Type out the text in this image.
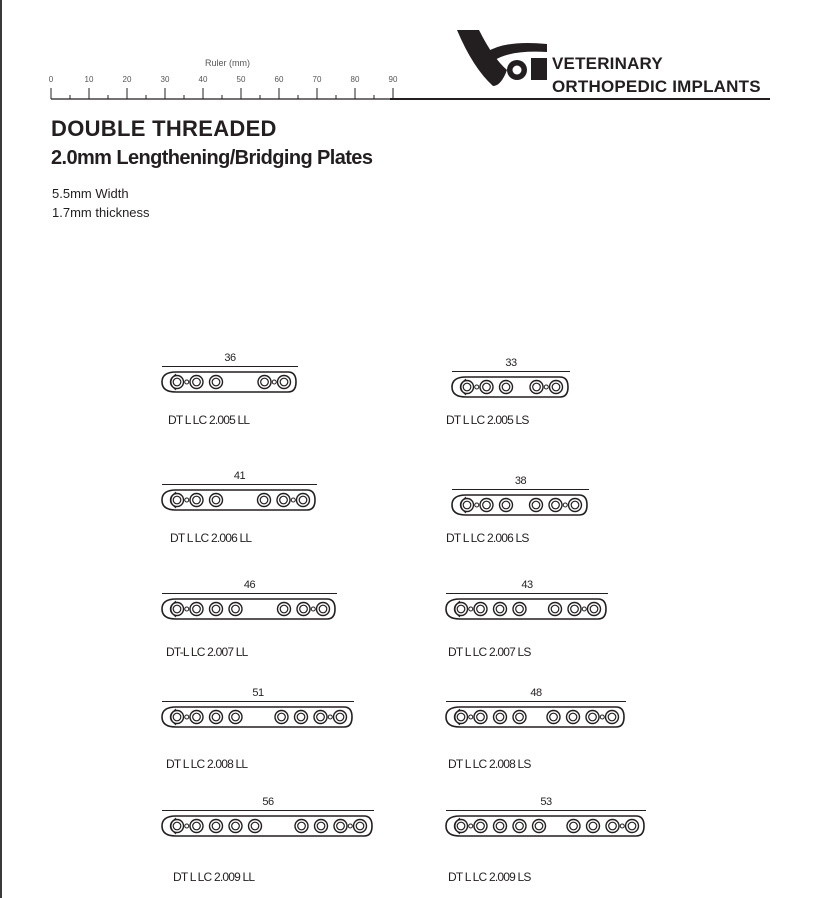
Ruler (mm)
0	10	20	30	40	50	60	70	80	90
VETERINARY
ORTHOPEDIC IMPLANTS
DOUBLE THREADED
2.0mm Lengthening/Bridging Plates
5.5mm Width
1.7mm thickness
36
DT L LC 2.005 LL
33
DT L LC 2.005 LS
41
DT L LC 2.006 LL
38
DT L LC 2.006 LS
46
DT-L LC 2.007 LL
43
DT L LC 2.007 LS
51
DT L LC 2.008 LL
48
DT L LC 2.008 LS
56
DT L LC 2.009 LL
53
DT L LC 2.009 LS
